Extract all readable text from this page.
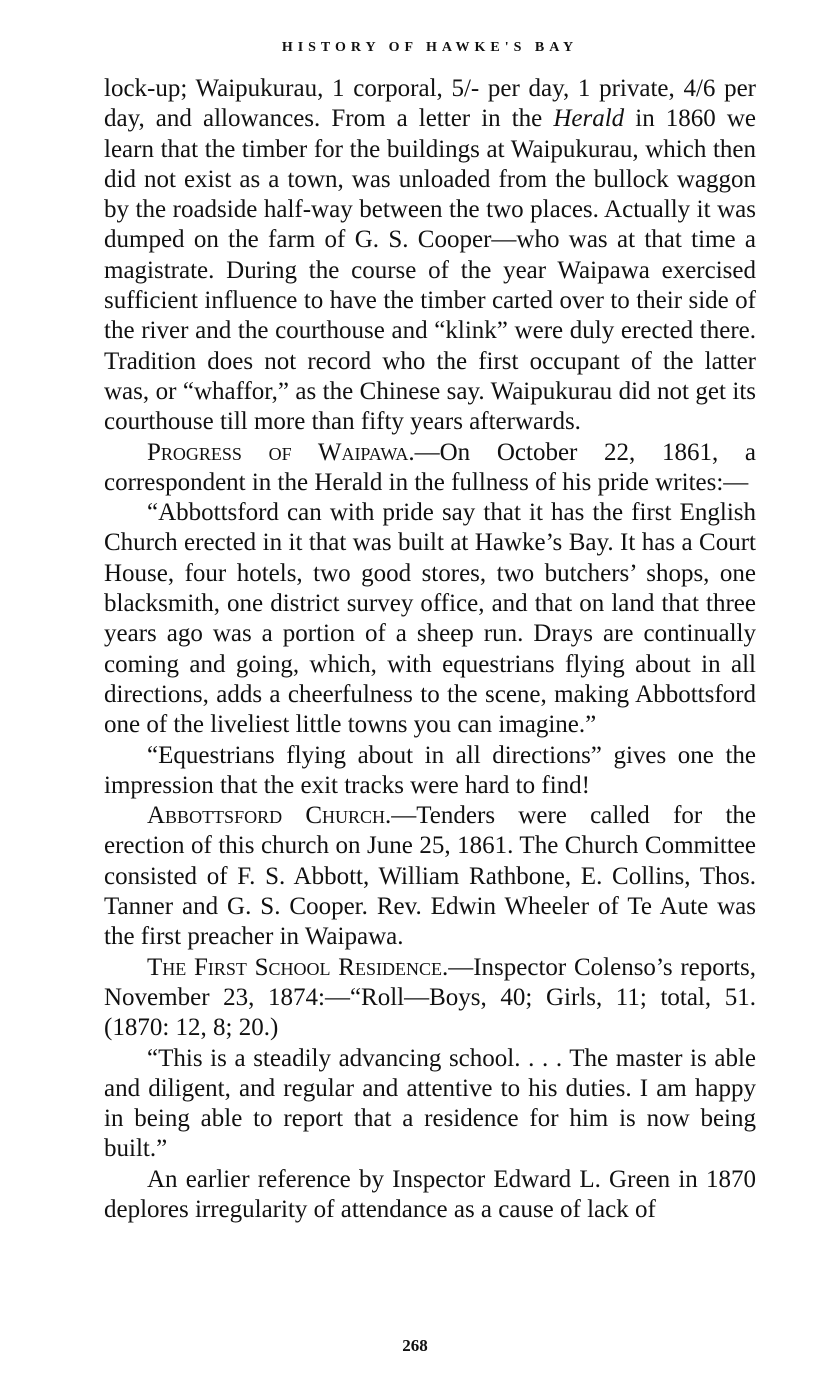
HISTORY OF HAWKE'S BAY

lock-up; Waipukurau, 1 corporal, 5/- per day, 1 private, 4/6 per day, and allowances. From a letter in the Herald in 1860 we learn that the timber for the buildings at Waipukurau, which then did not exist as a town, was unloaded from the bullock waggon by the roadside half-way between the two places. Actually it was dumped on the farm of G. S. Cooper—who was at that time a magistrate. During the course of the year Waipawa exercised sufficient influence to have the timber carted over to their side of the river and the courthouse and “klink” were duly erected there. Tradition does not record who the first occupant of the latter was, or “whaffor,” as the Chinese say. Waipukurau did not get its courthouse till more than fifty years afterwards.

Progress of Waipawa.—On October 22, 1861, a correspondent in the Herald in the fullness of his pride writes:—

“Abbottsford can with pride say that it has the first English Church erected in it that was built at Hawke’s Bay. It has a Court House, four hotels, two good stores, two butchers’ shops, one blacksmith, one district survey office, and that on land that three years ago was a portion of a sheep run. Drays are continually coming and going, which, with equestrians flying about in all directions, adds a cheerfulness to the scene, making Abbottsford one of the liveliest little towns you can imagine.”

“Equestrians flying about in all directions” gives one the impression that the exit tracks were hard to find!

Abbottsford Church.—Tenders were called for the erection of this church on June 25, 1861. The Church Committee consisted of F. S. Abbott, William Rathbone, E. Collins, Thos. Tanner and G. S. Cooper. Rev. Edwin Wheeler of Te Aute was the first preacher in Waipawa.

The First School Residence.—Inspector Colenso’s reports, November 23, 1874:—“Roll—Boys, 40; Girls, 11; total, 51. (1870: 12, 8; 20.)

“This is a steadily advancing school. . . . The master is able and diligent, and regular and attentive to his duties. I am happy in being able to report that a residence for him is now being built.”

An earlier reference by Inspector Edward L. Green in 1870 deplores irregularity of attendance as a cause of lack of

268
